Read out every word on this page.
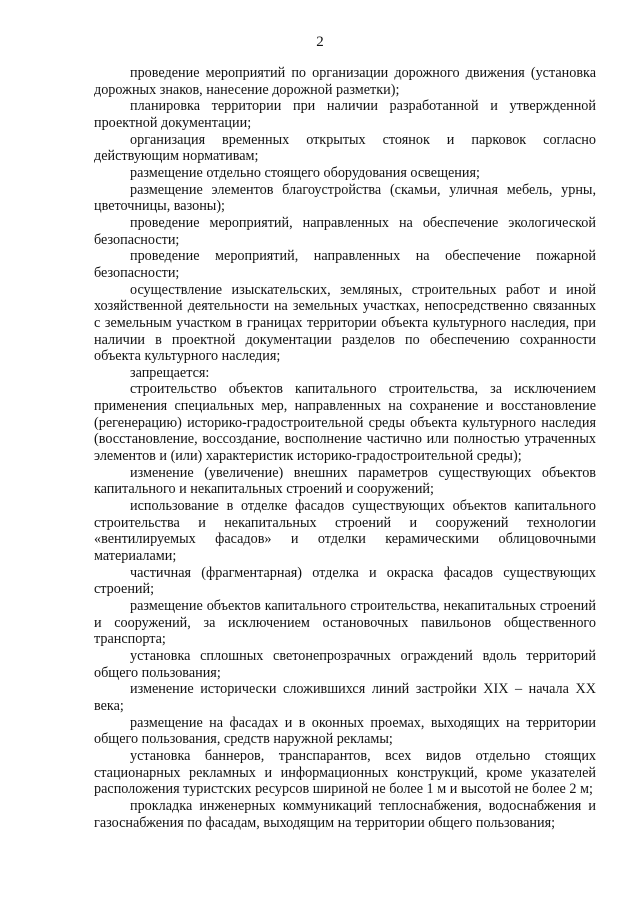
2

проведение мероприятий по организации дорожного движения (установка дорожных знаков, нанесение дорожной разметки);

планировка территории при наличии разработанной и утвержденной проектной документации;

организация временных открытых стоянок и парковок согласно действующим нормативам;

размещение отдельно стоящего оборудования освещения;

размещение элементов благоустройства (скамьи, уличная мебель, урны, цветочницы, вазоны);

проведение мероприятий, направленных на обеспечение экологической безопасности;

проведение мероприятий, направленных на обеспечение пожарной безопасности;

осуществление изыскательских, земляных, строительных работ и иной хозяйственной деятельности на земельных участках, непосредственно связанных с земельным участком в границах территории объекта культурного наследия, при наличии в проектной документации разделов по обеспечению сохранности объекта культурного наследия;

запрещается:

строительство объектов капитального строительства, за исключением применения специальных мер, направленных на сохранение и восстановление (регенерацию) историко-градостроительной среды объекта культурного наследия (восстановление, воссоздание, восполнение частично или полностью утраченных элементов и (или) характеристик историко-градостроительной среды);

изменение (увеличение) внешних параметров существующих объектов капитального и некапитальных строений и сооружений;

использование в отделке фасадов существующих объектов капитального строительства и некапитальных строений и сооружений технологии «вентилируемых фасадов» и отделки керамическими облицовочными материалами;

частичная (фрагментарная) отделка и окраска фасадов существующих строений;

размещение объектов капитального строительства, некапитальных строений и сооружений, за исключением остановочных павильонов общественного транспорта;

установка сплошных светонепрозрачных ограждений вдоль территорий общего пользования;

изменение исторически сложившихся линий застройки XIX – начала XX века;

размещение на фасадах и в оконных проемах, выходящих на территории общего пользования, средств наружной рекламы;

установка баннеров, транспарантов, всех видов отдельно стоящих стационарных рекламных и информационных конструкций, кроме указателей расположения туристских ресурсов шириной не более 1 м и высотой не более 2 м;

прокладка инженерных коммуникаций теплоснабжения, водоснабжения и газоснабжения по фасадам, выходящим на территории общего пользования;
